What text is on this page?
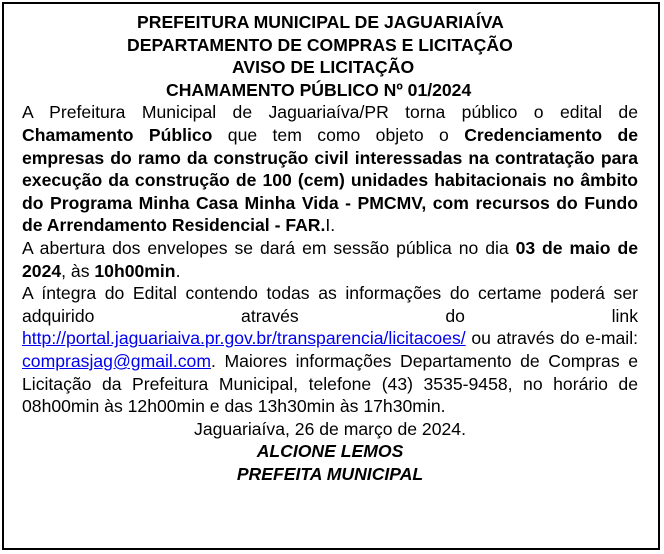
PREFEITURA MUNICIPAL DE JAGUARIAÍVA
DEPARTAMENTO DE COMPRAS E LICITAÇÃO
AVISO DE LICITAÇÃO
CHAMAMENTO PÚBLICO Nº 01/2024
A Prefeitura Municipal de Jaguariaíva/PR torna público o edital de Chamamento Público que tem como objeto o Credenciamento de empresas do ramo da construção civil interessadas na contratação para execução da construção de 100 (cem) unidades habitacionais no âmbito do Programa Minha Casa Minha Vida - PMCMV, com recursos do Fundo de Arrendamento Residencial - FAR.I.
A abertura dos envelopes se dará em sessão pública no dia 03 de maio de 2024, às 10h00min.
A íntegra do Edital contendo todas as informações do certame poderá ser adquirido através do link http://portal.jaguariaiva.pr.gov.br/transparencia/licitacoes/ ou através do e-mail: comprasjag@gmail.com. Maiores informações Departamento de Compras e Licitação da Prefeitura Municipal, telefone (43) 3535-9458, no horário de 08h00min às 12h00min e das 13h30min às 17h30min.
Jaguariaíva, 26 de março de 2024.
ALCIONE LEMOS
PREFEITA MUNICIPAL
